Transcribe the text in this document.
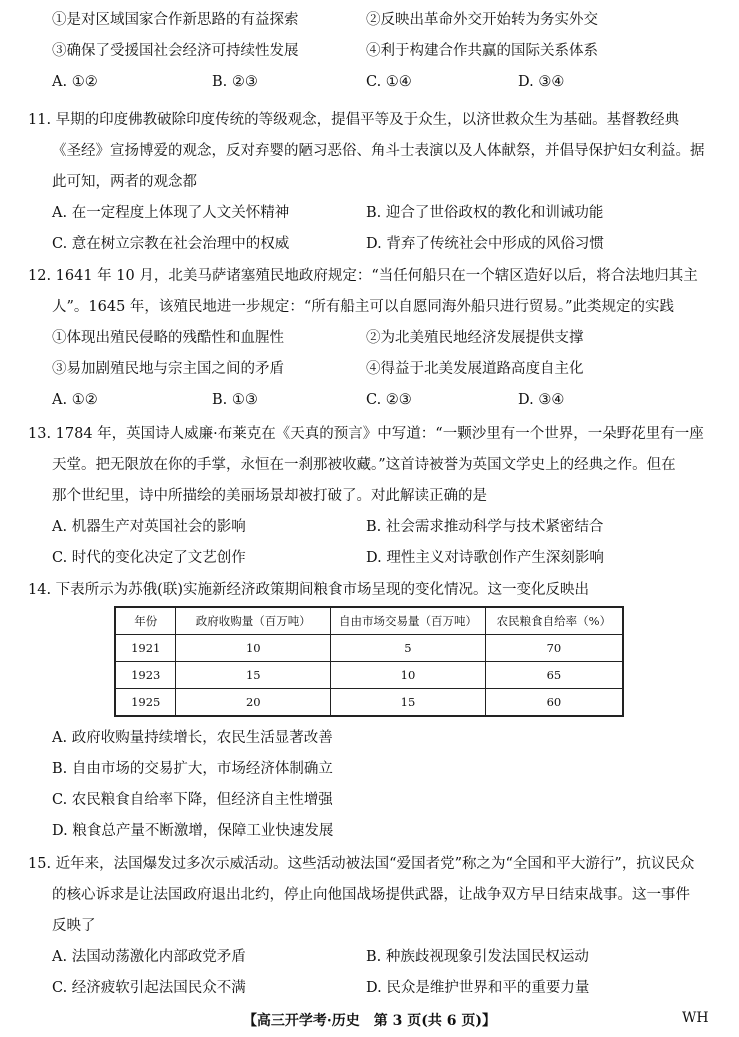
①是对区域国家合作新思路的有益探索	②反映出革命外交开始转为务实外交
③确保了受援国社会经济可持续性发展	④利于构建合作共赢的国际关系体系
A. ①②	B. ②③	C. ①④	D. ③④
11. 早期的印度佛教破除印度传统的等级观念，提倡平等及于众生，以济世救众生为基础。基督教经典
《圣经》宣扬博爱的观念，反对弃婴的陋习恶俗、角斗士表演以及人体献祭，并倡导保护妇女利益。据
此可知，两者的观念都
A. 在一定程度上体现了人文关怀精神	B. 迎合了世俗政权的教化和训诫功能
C. 意在树立宗教在社会治理中的权威	D. 背弃了传统社会中形成的风俗习惯
12. 1641 年 10 月，北美马萨诸塞殖民地政府规定：“当任何船只在一个辖区造好以后，将合法地归其主
人”。1645 年，该殖民地进一步规定：“所有船主可以自愿同海外船只进行贸易。”此类规定的实践
①体现出殖民侵略的残酷性和血腥性	②为北美殖民地经济发展提供支撑
③易加剧殖民地与宗主国之间的矛盾	④得益于北美发展道路高度自主化
A. ①②	B. ①③	C. ②③	D. ③④
13. 1784 年，英国诗人威廉·布莱克在《天真的预言》中写道：“一颗沙里有一个世界，一朵野花里有一座
天堂。把无限放在你的手掌，永恒在一刹那被收藏。”这首诗被誉为英国文学史上的经典之作。但在
那个世纪里，诗中所描绘的美丽场景却被打破了。对此解读正确的是
A. 机器生产对英国社会的影响	B. 社会需求推动科学与技术紧密结合
C. 时代的变化决定了文艺创作	D. 理性主义对诗歌创作产生深刻影响
14. 下表所示为苏俄(联)实施新经济政策期间粮食市场呈现的变化情况。这一变化反映出
年份	政府收购量（百万吨）	自由市场交易量（百万吨）	农民粮食自给率（%）
1921	10	5	70
1923	15	10	65
1925	20	15	60
A. 政府收购量持续增长，农民生活显著改善
B. 自由市场的交易扩大，市场经济体制确立
C. 农民粮食自给率下降，但经济自主性增强
D. 粮食总产量不断激增，保障工业快速发展
15. 近年来，法国爆发过多次示威活动。这些活动被法国“爱国者党”称之为“全国和平大游行”，抗议民众
的核心诉求是让法国政府退出北约，停止向他国战场提供武器，让战争双方早日结束战事。这一事件
反映了
A. 法国动荡激化内部政党矛盾	B. 种族歧视现象引发法国民权运动
C. 经济疲软引起法国民众不满	D. 民众是维护世界和平的重要力量
【高三开学考·历史　第 3 页(共 6 页)】	WH
